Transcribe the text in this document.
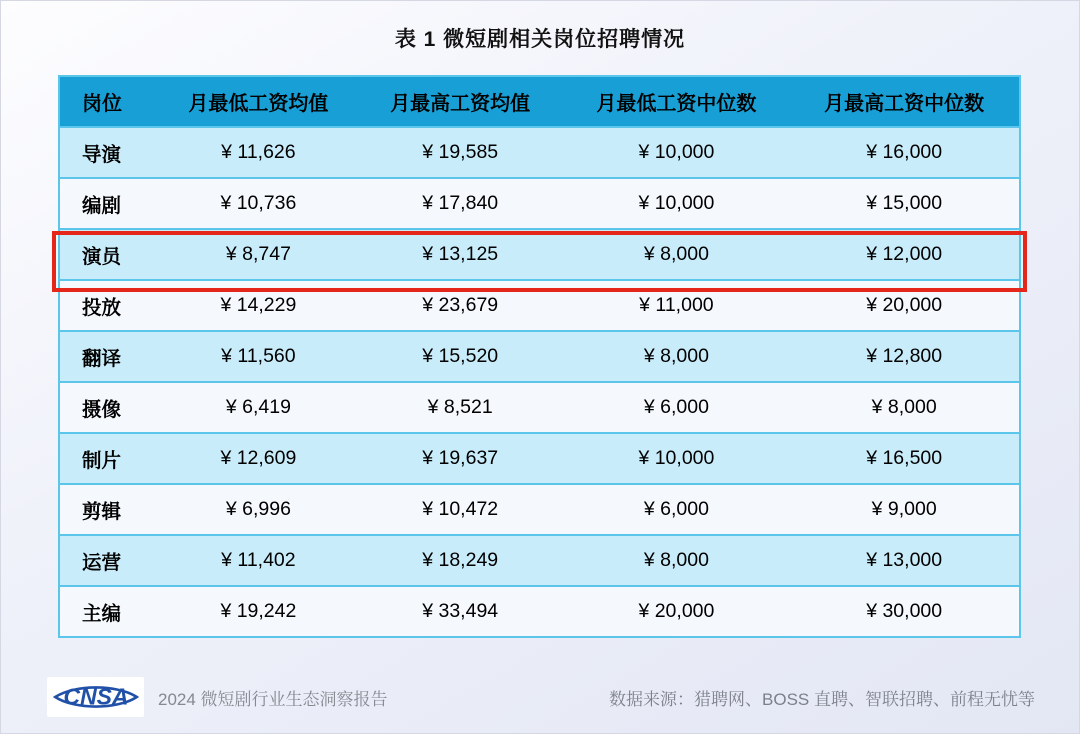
表 1 微短剧相关岗位招聘情况
岗位	月最低工资均值	月最高工资均值	月最低工资中位数	月最高工资中位数
导演	¥ 11,626	¥ 19,585	¥ 10,000	¥ 16,000
编剧	¥ 10,736	¥ 17,840	¥ 10,000	¥ 15,000
演员	¥ 8,747	¥ 13,125	¥ 8,000	¥ 12,000
投放	¥ 14,229	¥ 23,679	¥ 11,000	¥ 20,000
翻译	¥ 11,560	¥ 15,520	¥ 8,000	¥ 12,800
摄像	¥ 6,419	¥ 8,521	¥ 6,000	¥ 8,000
制片	¥ 12,609	¥ 19,637	¥ 10,000	¥ 16,500
剪辑	¥ 6,996	¥ 10,472	¥ 6,000	¥ 9,000
运营	¥ 11,402	¥ 18,249	¥ 8,000	¥ 13,000
主编	¥ 19,242	¥ 33,494	¥ 20,000	¥ 30,000
CNSA 2024 微短剧行业生态洞察报告	数据来源：猎聘网、BOSS 直聘、智联招聘、前程无忧等
